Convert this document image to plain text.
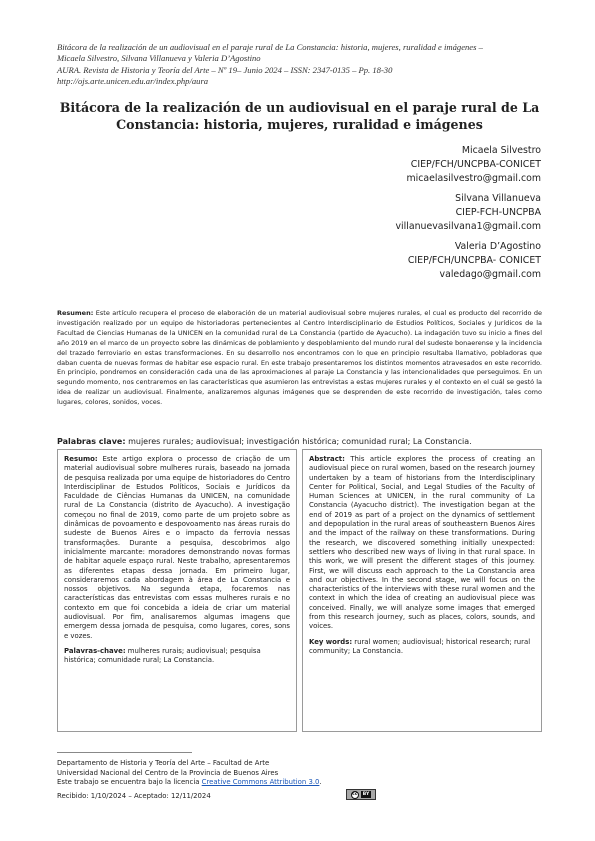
Bitácora de la realización de un audiovisual en el paraje rural de La Constancia: historia, mujeres, ruralidad e imágenes –
Micaela Silvestro, Silvana Villanueva y Valeria D’Agostino
AURA. Revista de Historia y Teoría del Arte – Nº 19– Junio 2024 – ISSN: 2347-0135 – Pp. 18-30
http://ojs.arte.unicen.edu.ar/index.php/aura
Bitácora de la realización de un audiovisual en el paraje rural de La
Constancia: historia, mujeres, ruralidad e imágenes
Micaela Silvestro
CIEP/FCH/UNCPBA-CONICET
micaelasilvestro@gmail.com
Silvana Villanueva
CIEP-FCH-UNCPBA
villanuevasilvana1@gmail.com
Valeria D’Agostino
CIEP/FCH/UNCPBA- CONICET
valedago@gmail.com
Resumen: Este artículo recupera el proceso de elaboración de un material audiovisual sobre mujeres rurales, el cual es producto del recorrido de investigación realizado por un equipo de historiadoras pertenecientes al Centro Interdisciplinario de Estudios Políticos, Sociales y Jurídicos de la Facultad de Ciencias Humanas de la UNICEN en la comunidad rural de La Constancia (partido de Ayacucho). La indagación tuvo su inicio a fines del año 2019 en el marco de un proyecto sobre las dinámicas de poblamiento y despoblamiento del mundo rural del sudeste bonaerense y la incidencia del trazado ferroviario en estas transformaciones. En su desarrollo nos encontramos con lo que en principio resultaba llamativo, pobladoras que daban cuenta de nuevas formas de habitar ese espacio rural. En este trabajo presentaremos los distintos momentos atravesados en este recorrido. En principio, pondremos en consideración cada una de las aproximaciones al paraje La Constancia y las intencionalidades que perseguimos. En un segundo momento, nos centraremos en las características que asumieron las entrevistas a estas mujeres rurales y el contexto en el cuál se gestó la idea de realizar un audiovisual. Finalmente, analizaremos algunas imágenes que se desprenden de este recorrido de investigación, tales como lugares, colores, sonidos, voces.
Palabras clave: mujeres rurales; audiovisual; investigación histórica; comunidad rural; La Constancia.

Resumo: Este artigo explora o processo de criação de um material audiovisual sobre mulheres rurais, baseado na jornada de pesquisa realizada por uma equipe de historiadores do Centro Interdisciplinar de Estudos Políticos, Sociais e Jurídicos da Faculdade de Ciências Humanas da UNICEN, na comunidade rural de La Constancia (distrito de Ayacucho). A investigação começou no final de 2019, como parte de um projeto sobre as dinâmicas de povoamento e despovoamento nas áreas rurais do sudeste de Buenos Aires e o impacto da ferrovia nessas transformações. Durante a pesquisa, descobrimos algo inicialmente marcante: moradores demonstrando novas formas de habitar aquele espaço rural. Neste trabalho, apresentaremos as diferentes etapas dessa jornada. Em primeiro lugar, consideraremos cada abordagem à área de La Constancia e nossos objetivos. Na segunda etapa, focaremos nas características das entrevistas com essas mulheres rurais e no contexto em que foi concebida a ideia de criar um material audiovisual. Por fim, analisaremos algumas imagens que emergem dessa jornada de pesquisa, como lugares, cores, sons e vozes.

Palavras-chave: mulheres rurais; audiovisual; pesquisa histórica; comunidade rural; La Constancia.

Abstract: This article explores the process of creating an audiovisual piece on rural women, based on the research journey undertaken by a team of historians from the Interdisciplinary Center for Political, Social, and Legal Studies of the Faculty of Human Sciences at UNICEN, in the rural community of La Constancia (Ayacucho district). The investigation began at the end of 2019 as part of a project on the dynamics of settlement and depopulation in the rural areas of southeastern Buenos Aires and the impact of the railway on these transformations. During the research, we discovered something initially unexpected: settlers who described new ways of living in that rural space. In this work, we will present the different stages of this journey. First, we will discuss each approach to the La Constancia area and our objectives. In the second stage, we will focus on the characteristics of the interviews with these rural women and the context in which the idea of creating an audiovisual piece was conceived. Finally, we will analyze some images that emerged from this research journey, such as places, colors, sounds, and voices.

Key words: rural women; audiovisual; historical research; rural community; La Constancia.

Departamento de Historia y Teoría del Arte – Facultad de Arte
Universidad Nacional del Centro de la Provincia de Buenos Aires
Este trabajo se encuentra bajo la licencia Creative Commons Attribution 3.0.
Recibido: 1/10/2024 – Aceptado: 12/11/2024	cc	BY
